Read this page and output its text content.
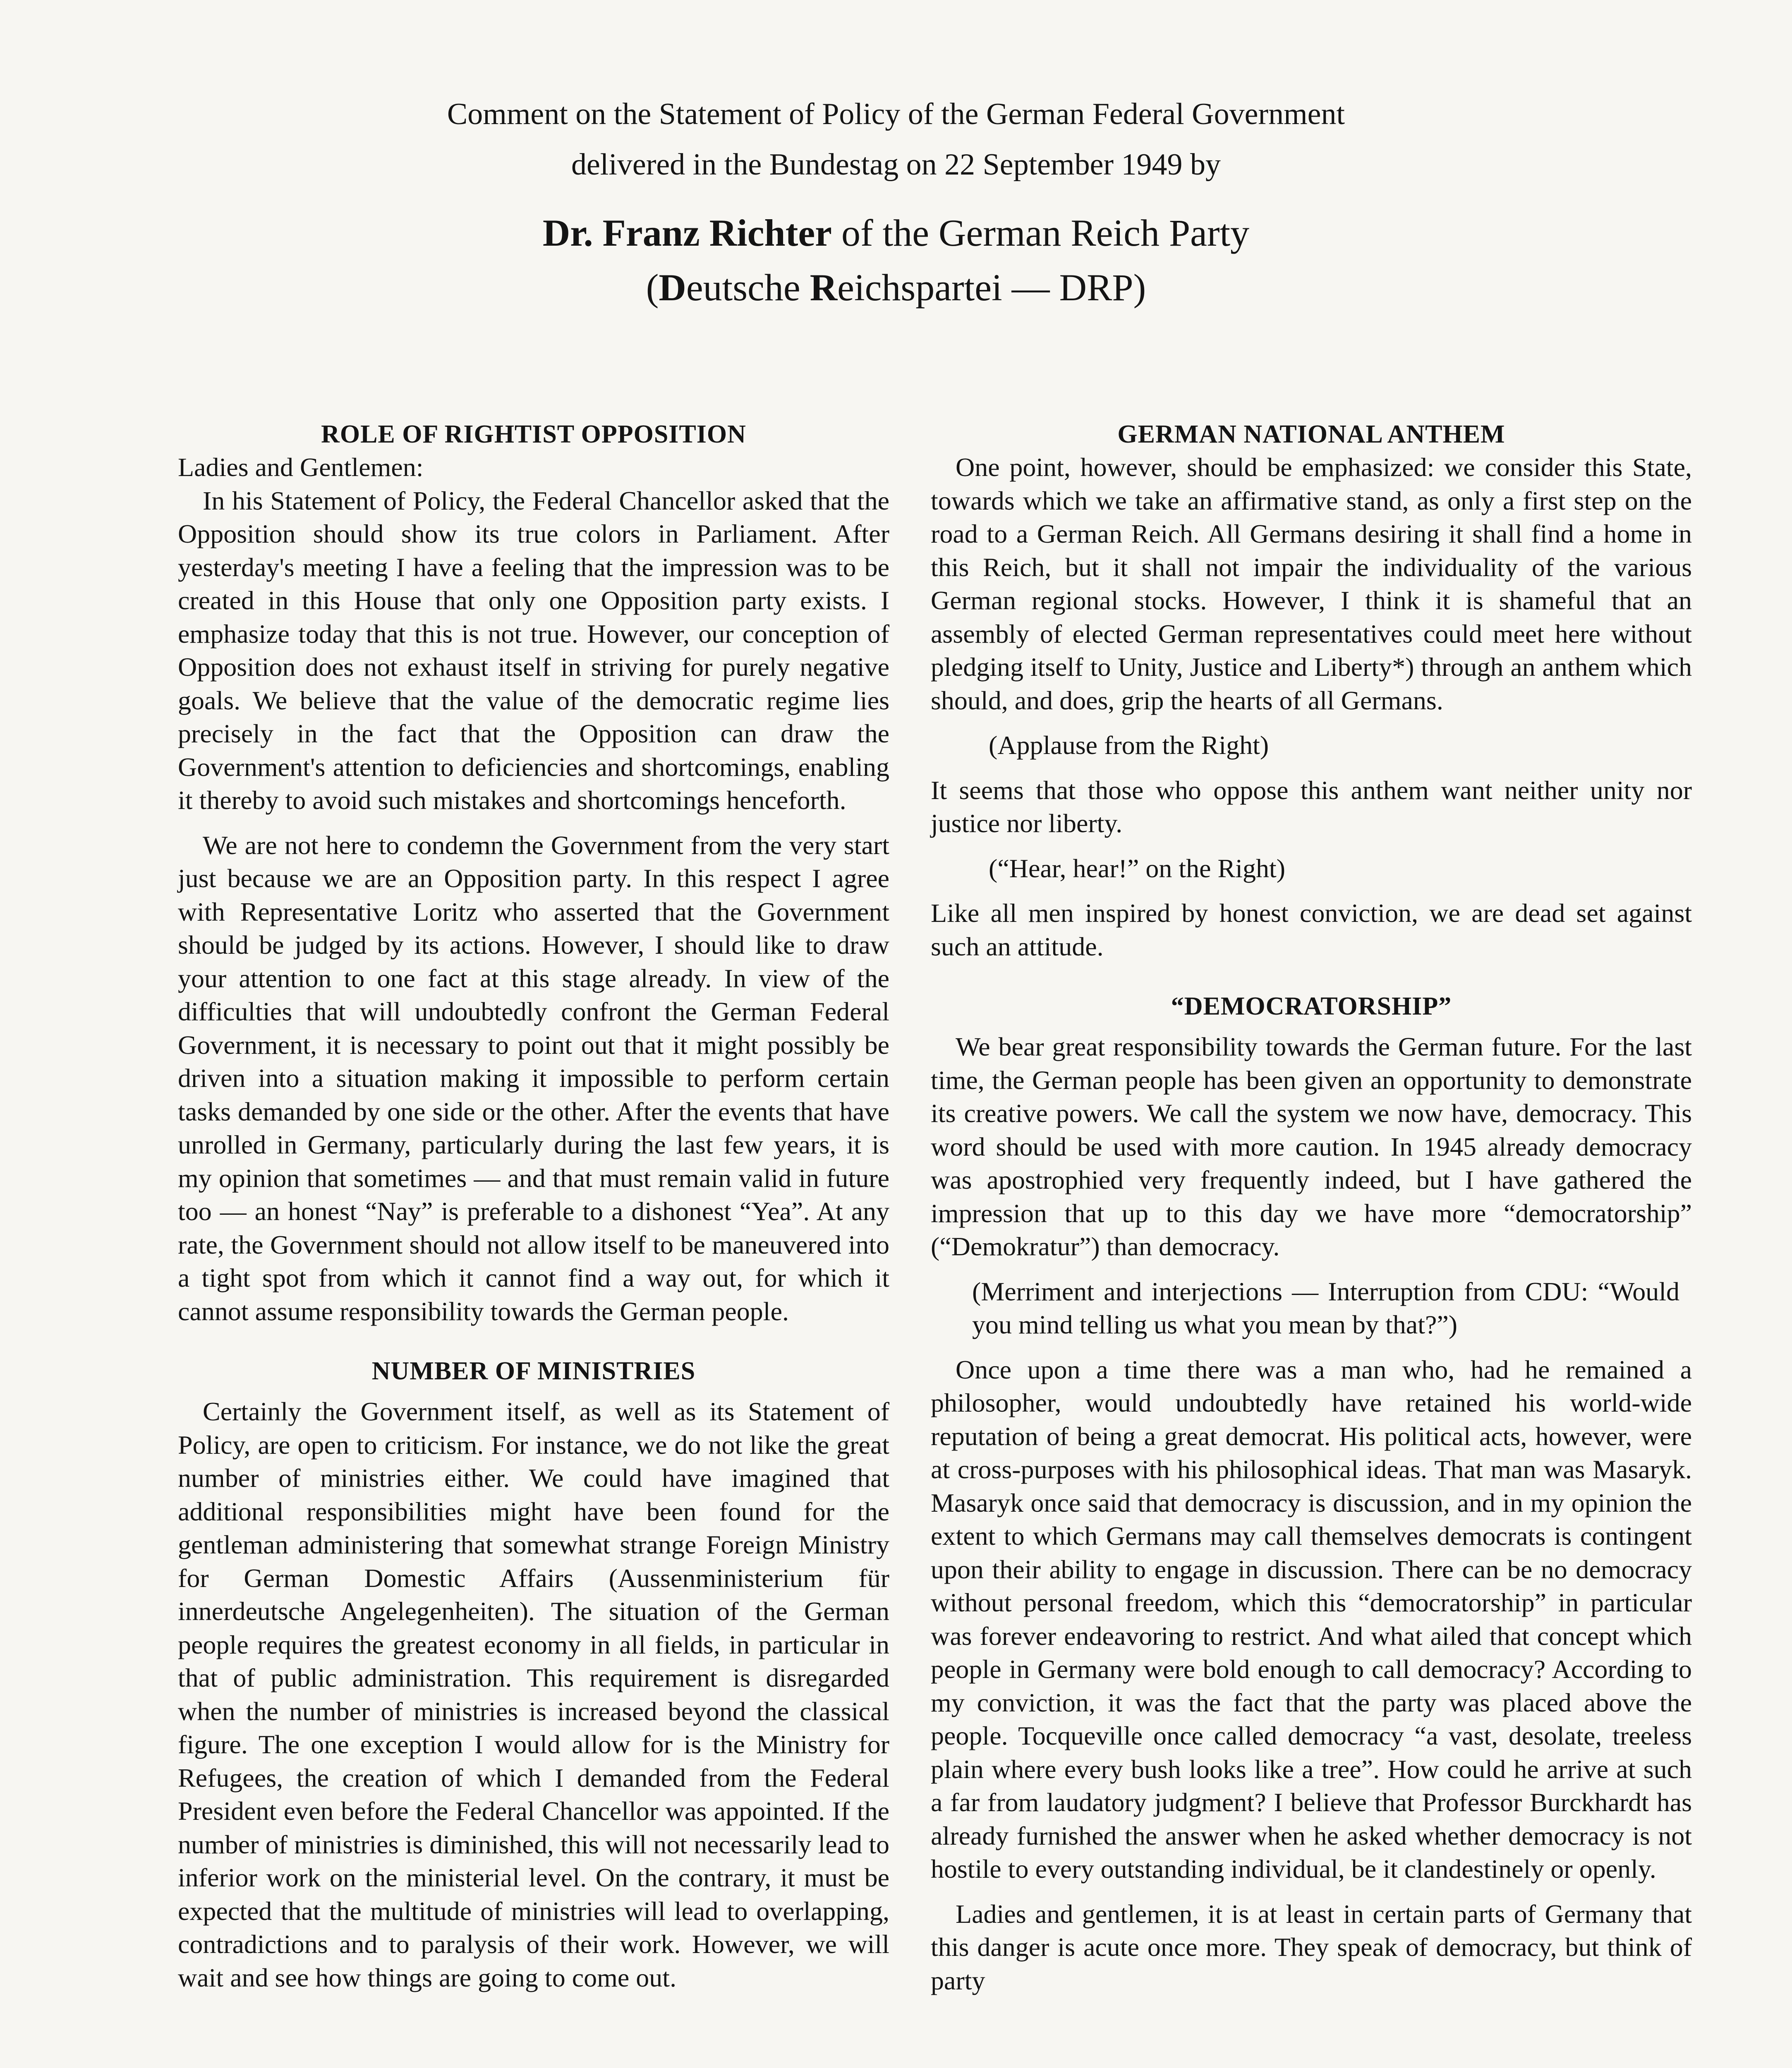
Comment on the Statement of Policy of the German Federal Government
delivered in the Bundestag on 22 September 1949 by
Dr. Franz Richter of the German Reich Party
(Deutsche Reichspartei — DRP)
ROLE OF RIGHTIST OPPOSITION

Ladies and Gentlemen:

In his Statement of Policy, the Federal Chancellor asked that the Opposition should show its true colors in Parliament. After yesterday's meeting I have a feeling that the impression was to be created in this House that only one Opposition party exists. I emphasize today that this is not true. However, our conception of Opposition does not exhaust itself in striving for purely negative goals. We believe that the value of the democratic regime lies precisely in the fact that the Opposition can draw the Government's attention to deficiencies and shortcomings, enabling it thereby to avoid such mistakes and shortcomings henceforth.

We are not here to condemn the Government from the very start just because we are an Opposition party. In this respect I agree with Representative Loritz who asserted that the Government should be judged by its actions. However, I should like to draw your attention to one fact at this stage already. In view of the difficulties that will undoubtedly confront the German Federal Government, it is necessary to point out that it might possibly be driven into a situation making it impossible to perform certain tasks demanded by one side or the other. After the events that have unrolled in Germany, particularly during the last few years, it is my opinion that sometimes — and that must remain valid in future too — an honest “Nay” is preferable to a dishonest “Yea”. At any rate, the Government should not allow itself to be maneuvered into a tight spot from which it cannot find a way out, for which it cannot assume responsibility towards the German people.

NUMBER OF MINISTRIES

Certainly the Government itself, as well as its Statement of Policy, are open to criticism. For instance, we do not like the great number of ministries either. We could have imagined that additional responsibilities might have been found for the gentleman administering that somewhat strange Foreign Ministry for German Domestic Affairs (Aussenministerium für innerdeutsche Angelegenheiten). The situation of the German people requires the greatest economy in all fields, in particular in that of public administration. This requirement is disregarded when the number of ministries is increased beyond the classical figure. The one exception I would allow for is the Ministry for Refugees, the creation of which I demanded from the Federal President even before the Federal Chancellor was appointed. If the number of ministries is diminished, this will not necessarily lead to inferior work on the ministerial level. On the contrary, it must be expected that the multitude of ministries will lead to overlapping, contradictions and to paralysis of their work. However, we will wait and see how things are going to come out.

GERMAN NATIONAL ANTHEM

One point, however, should be emphasized: we consider this State, towards which we take an affirmative stand, as only a first step on the road to a German Reich. All Germans desiring it shall find a home in this Reich, but it shall not impair the individuality of the various German regional stocks. However, I think it is shameful that an assembly of elected German representatives could meet here without pledging itself to Unity, Justice and Liberty*) through an anthem which should, and does, grip the hearts of all Germans.

(Applause from the Right)

It seems that those who oppose this anthem want neither unity nor justice nor liberty.

(“Hear, hear!” on the Right)

Like all men inspired by honest conviction, we are dead set against such an attitude.

“DEMOCRATORSHIP”

We bear great responsibility towards the German future. For the last time, the German people has been given an opportunity to demonstrate its creative powers. We call the system we now have, democracy. This word should be used with more caution. In 1945 already democracy was apostrophied very frequently indeed, but I have gathered the impression that up to this day we have more “democratorship” (“Demokratur”) than democracy.

(Merriment and interjections — Interruption from CDU: “Would you mind telling us what you mean by that?”)

Once upon a time there was a man who, had he remained a philosopher, would undoubtedly have retained his world-wide reputation of being a great democrat. His political acts, however, were at cross-purposes with his philosophical ideas. That man was Masaryk. Masaryk once said that democracy is discussion, and in my opinion the extent to which Germans may call themselves democrats is contingent upon their ability to engage in discussion. There can be no democracy without personal freedom, which this “democratorship” in particular was forever endeavoring to restrict. And what ailed that concept which people in Germany were bold enough to call democracy? According to my conviction, it was the fact that the party was placed above the people. Tocqueville once called democracy “a vast, desolate, treeless plain where every bush looks like a tree”. How could he arrive at such a far from laudatory judgment? I believe that Professor Burckhardt has already furnished the answer when he asked whether democracy is not hostile to every outstanding individual, be it clandestinely or openly.

Ladies and gentlemen, it is at least in certain parts of Germany that this danger is acute once more. They speak of democracy, but think of party
